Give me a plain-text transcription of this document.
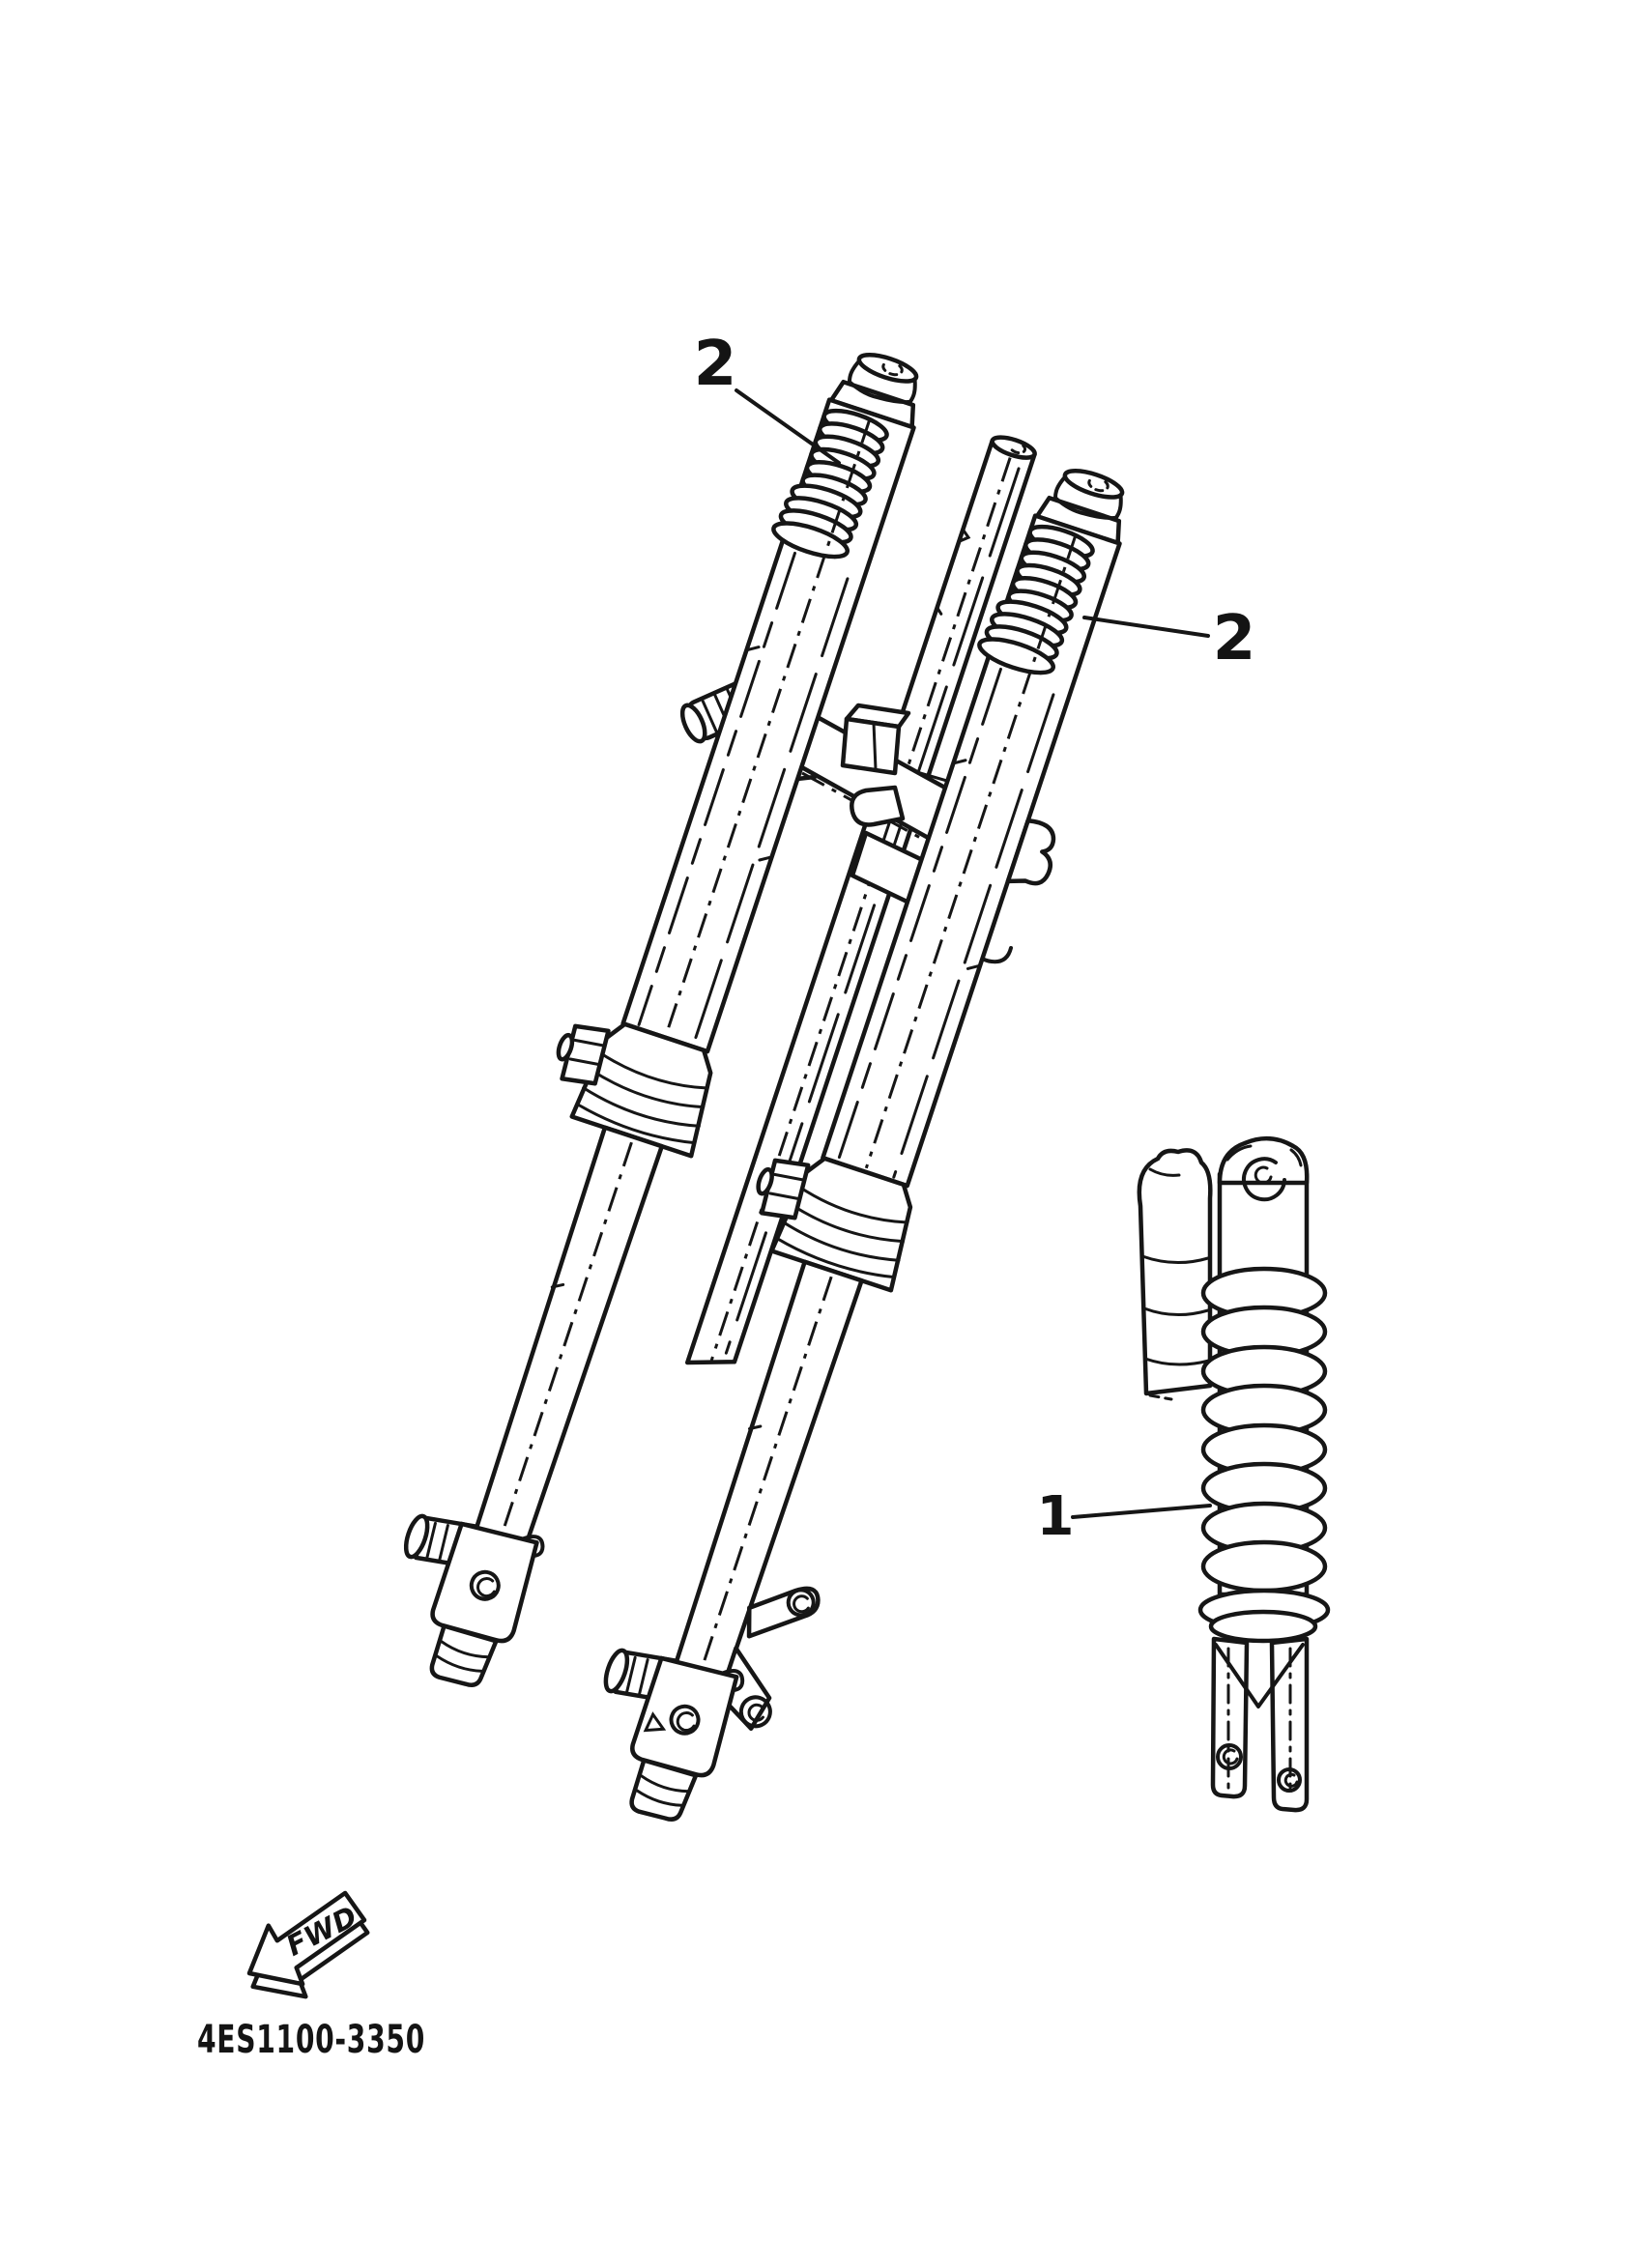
2
2
1
FWD
4ES1100-3350
